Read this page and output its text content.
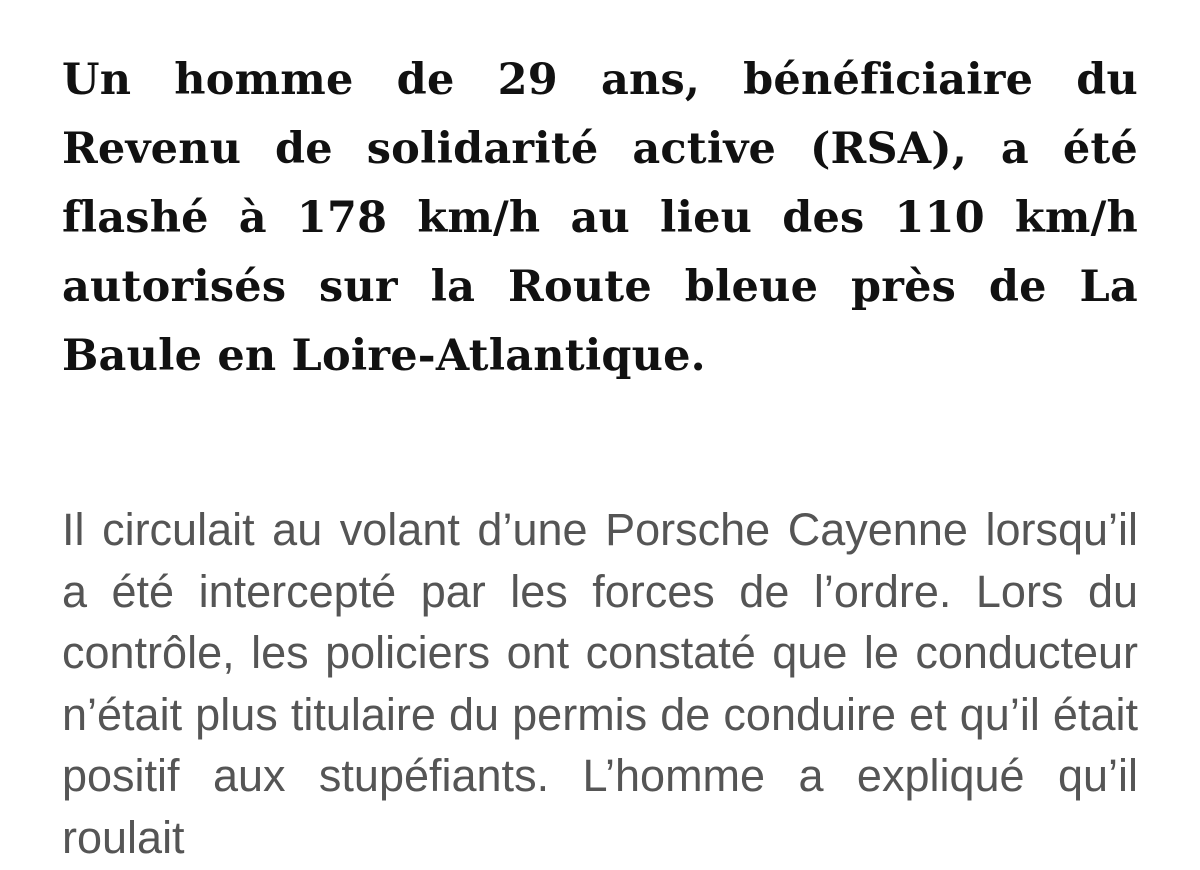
Un homme de 29 ans, bénéficiaire du Revenu de solidarité active (RSA), a été flashé à 178 km/h au lieu des 110 km/h autorisés sur la Route bleue près de La Baule en Loire-Atlantique.

Il circulait au volant d’une Porsche Cayenne lorsqu’il a été intercepté par les forces de l’ordre. Lors du contrôle, les policiers ont constaté que le conducteur n’était plus titulaire du permis de conduire et qu’il était positif aux stupéfiants. L’homme a expliqué qu’il roulait
